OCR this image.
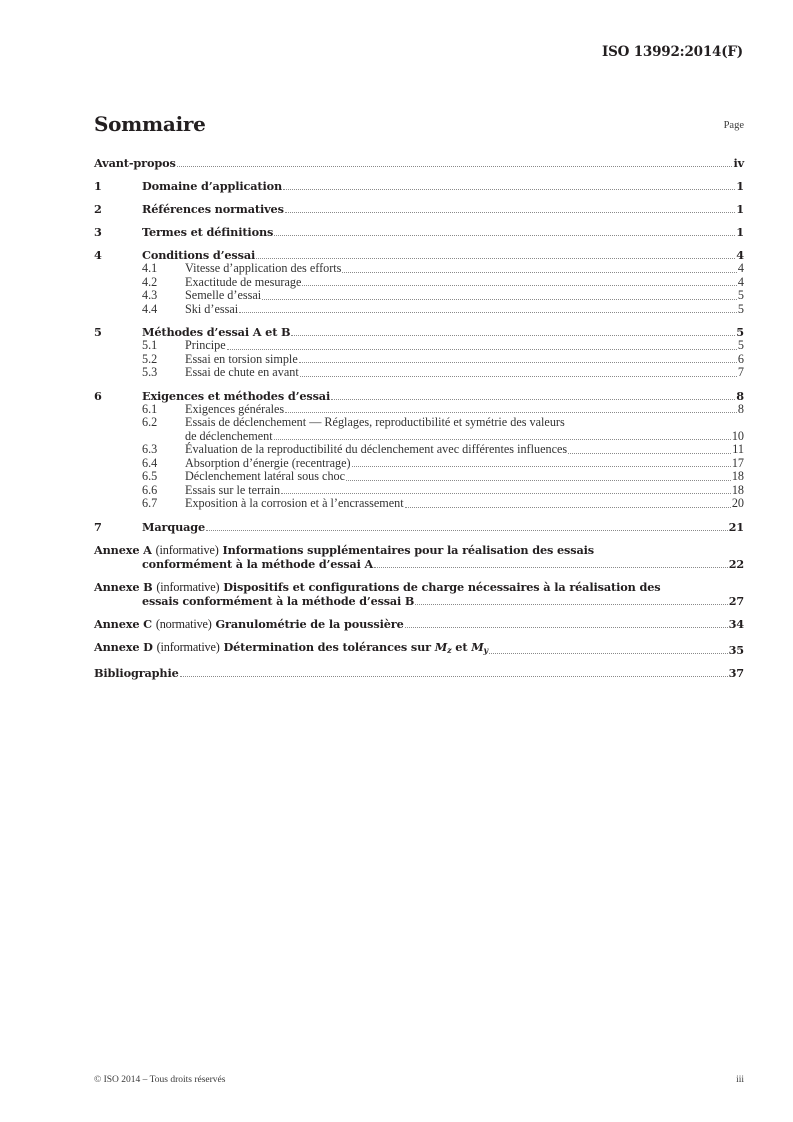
ISO 13992:2014(F)
Sommaire	Page
Avant-propos	iv
1	Domaine d’application	1
2	Références normatives	1
3	Termes et définitions	1
4	Conditions d’essai	4
4.1 Vitesse d’application des efforts	4
4.2 Exactitude de mesurage	4
4.3 Semelle d’essai	5
4.4 Ski d’essai	5
5	Méthodes d’essai A et B	5
5.1 Principe	5
5.2 Essai en torsion simple	6
5.3 Essai de chute en avant	7
6	Exigences et méthodes d’essai	8
6.1 Exigences générales	8
6.2 Essais de déclenchement — Réglages, reproductibilité et symétrie des valeurs
de déclenchement	10
6.3 Évaluation de la reproductibilité du déclenchement avec différentes influences	11
6.4 Absorption d’énergie (recentrage)	17
6.5 Déclenchement latéral sous choc	18
6.6 Essais sur le terrain	18
6.7 Exposition à la corrosion et à l’encrassement	20
7	Marquage	21
Annexe A (informative) Informations supplémentaires pour la réalisation des essais
conformément à la méthode d’essai A	22
Annexe B (informative) Dispositifs et configurations de charge nécessaires à la réalisation des
essais conformément à la méthode d’essai B	27
Annexe C (normative) Granulométrie de la poussière	34
Annexe D (informative) Détermination des tolérances sur $M_z$ et $M_y$	35
Bibliographie	37
© ISO 2014 – Tous droits réservés	iii
